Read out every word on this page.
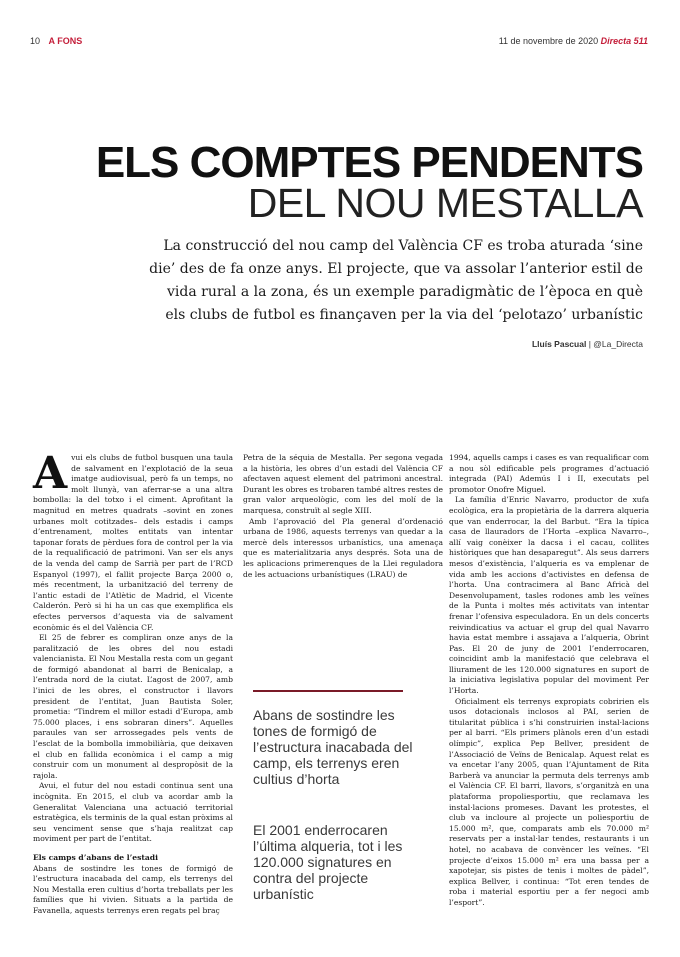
10 A FONS	11 de novembre de 2020 Directa 511
ELS COMPTES PENDENTS
DEL NOU MESTALLA

La construcció del nou camp del València CF es troba aturada ‘sine die’ des de fa onze anys. El projecte, que va assolar l’anterior estil de vida rural a la zona, és un exemple paradigmàtic de l’època en què els clubs de futbol es finançaven per la via del ‘pelotazo’ urbanístic

Lluís Pascual | @La_Directa

Avui els clubs de futbol busquen una taula de salvament en l’explotació de la seua imatge audiovisual, però fa un temps, no molt llunyà, van aferrar-se a una altra bombolla: la del totxo i el ciment. Aprofitant la magnitud en metres quadrats –sovint en zones urbanes molt cotitzades– dels estadis i camps d’entrenament, moltes entitats van intentar taponar forats de pèrdues fora de control per la via de la requalificació de patrimoni. Van ser els anys de la venda del camp de Sarrià per part de l’RCD Espanyol (1997), el fallit projecte Barça 2000 o, més recentment, la urbanització del terreny de l’antic estadi de l’Atlètic de Madrid, el Vicente Calderón. Però si hi ha un cas que exemplifica els efectes perversos d’aquesta via de salvament econòmic és el del València CF.

El 25 de febrer es compliran onze anys de la paralització de les obres del nou estadi valencianista. El Nou Mestalla resta com un gegant de formigó abandonat al barri de Benicalap, a l’entrada nord de la ciutat. L’agost de 2007, amb l’inici de les obres, el constructor i llavors president de l’entitat, Juan Bautista Soler, prometia: “Tindrem el millor estadi d’Europa, amb 75.000 places, i ens sobraran diners”. Aquelles paraules van ser arrossegades pels vents de l’esclat de la bombolla immobiliària, que deixaven el club en fallida econòmica i el camp a mig construir com un monument al despropòsit de la rajola.

Avui, el futur del nou estadi continua sent una incògnita. En 2015, el club va acordar amb la Generalitat Valenciana una actuació territorial estratègica, els terminis de la qual estan pròxims al seu venciment sense que s’haja realitzat cap moviment per part de l’entitat.

Els camps d’abans de l’estadi

Abans de sostindre les tones de formigó de l’estructura inacabada del camp, els terrenys del Nou Mestalla eren cultius d’horta treballats per les famílies que hi vivien. Situats a la partida de Favanella, aquests terrenys eren regats pel braç

Petra de la séquia de Mestalla. Per segona vegada a la història, les obres d’un estadi del València CF afectaven aquest element del patrimoni ancestral. Durant les obres es trobaren també altres restes de gran valor arqueològic, com les del molí de la marquesa, construït al segle XIII.

Amb l’aprovació del Pla general d’ordenació urbana de 1986, aquests terrenys van quedar a la mercè dels interessos urbanístics, una amenaça que es materialitzaria anys després. Sota una de les aplicacions primerenques de la Llei reguladora de les actuacions urbanístiques (LRAU) de

Abans de sostindre les tones de formigó de l’estructura inacabada del camp, els terrenys eren cultius d’horta

El 2001 enderrocaren l’última alqueria, tot i les 120.000 signatures en contra del projecte urbanístic

1994, aquells camps i cases es van requalificar com a nou sòl edificable pels programes d’actuació integrada (PAI) Ademús I i II, executats pel promotor Onofre Miguel.

La família d’Enric Navarro, productor de xufa ecològica, era la propietària de la darrera alqueria que van enderrocar, la del Barbut. “Era la típica casa de llauradors de l’Horta –explica Navarro–, allí vaig conèixer la dacsa i el cacau, collites històriques que han desaparegut”. Als seus darrers mesos d’existència, l’alqueria es va emplenar de vida amb les accions d’activistes en defensa de l’horta. Una contracimera al Banc Africà del Desenvolupament, tasles rodones amb les veïnes de la Punta i moltes més activitats van intentar frenar l’ofensiva especuladora. En un dels concerts reivindicatius va actuar el grup del qual Navarro havia estat membre i assajava a l’alqueria, Obrint Pas. El 20 de juny de 2001 l’enderrocaren, coincidint amb la manifestació que celebrava el lliurament de les 120.000 signatures en suport de la iniciativa legislativa popular del moviment Per l’Horta.

Oficialment els terrenys expropiats cobririen els usos dotacionals inclosos al PAI, serien de titularitat pública i s’hi construirien instal·lacions per al barri. “Els primers plànols eren d’un estadi olímpic”, explica Pep Bellver, president de l’Associació de Veïns de Benicalap. Aquest relat es va encetar l’any 2005, quan l’Ajuntament de Rita Barberà va anunciar la permuta dels terrenys amb el València CF. El barri, llavors, s’organitzà en una plataforma propoliesportiu, que reclamava les instal·lacions promeses. Davant les protestes, el club va incloure al projecte un poliesportiu de 15.000 m², que, comparats amb els 70.000 m² reservats per a instal·lar tendes, restaurants i un hotel, no acabava de convèncer les veïnes. “El projecte d’eixos 15.000 m² era una bassa per a xapotejar, sis pistes de tenis i moltes de pàdel”, explica Bellver, i continua: “Tot eren tendes de roba i material esportiu per a fer negoci amb l’esport”.
